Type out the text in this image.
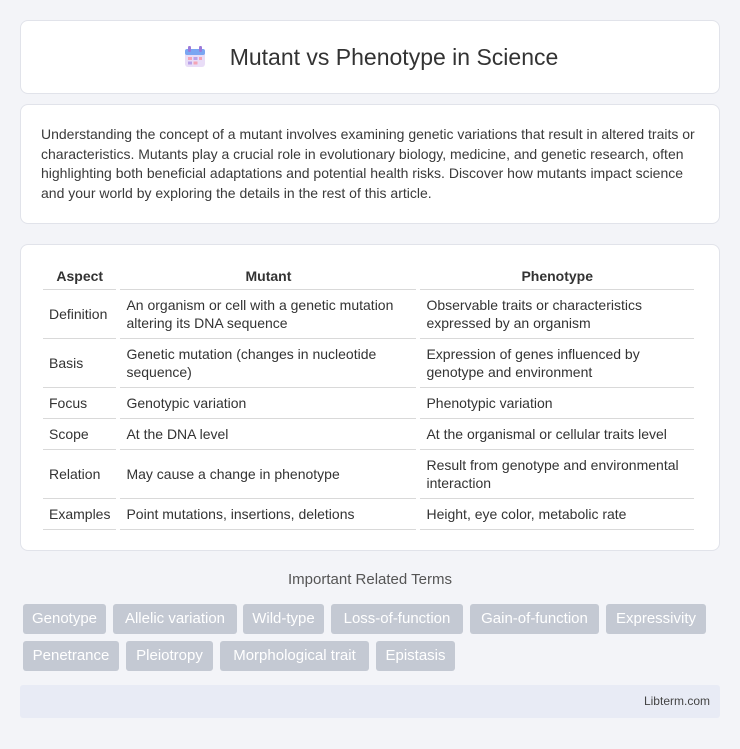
Mutant vs Phenotype in Science

Understanding the concept of a mutant involves examining genetic variations that result in altered traits or characteristics. Mutants play a crucial role in evolutionary biology, medicine, and genetic research, often highlighting both beneficial adaptations and potential health risks. Discover how mutants impact science and your world by exploring the details in the rest of this article.

Aspect	Mutant	Phenotype
Definition	An organism or cell with a genetic mutation altering its DNA sequence	Observable traits or characteristics expressed by an organism
Basis	Genetic mutation (changes in nucleotide sequence)	Expression of genes influenced by genotype and environment
Focus	Genotypic variation	Phenotypic variation
Scope	At the DNA level	At the organismal or cellular traits level
Relation	May cause a change in phenotype	Result from genotype and environmental interaction
Examples	Point mutations, insertions, deletions	Height, eye color, metabolic rate
Important Related Terms
Genotype	Allelic variation	Wild-type	Loss-of-function	Gain-of-function	Expressivity
Penetrance	Pleiotropy	Morphological trait	Epistasis
Libterm.com
